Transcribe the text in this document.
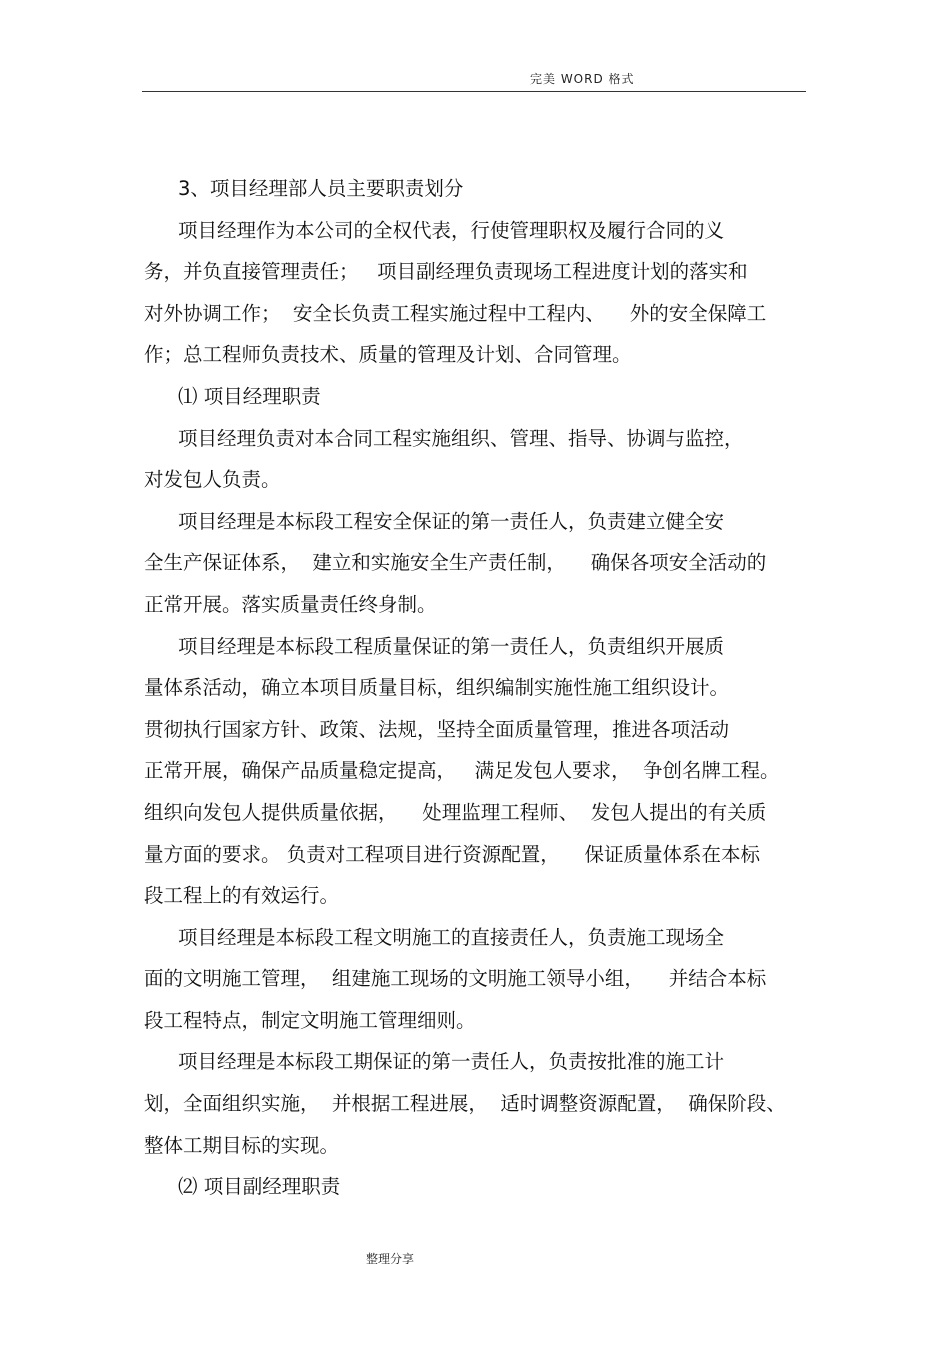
完美 WORD 格式
3、项目经理部人员主要职责划分
项目经理作为本公司的全权代表，行使管理职权及履行合同的义
务，并负直接管理责任；   项目副经理负责现场工程进度计划的落实和
对外协调工作；  安全长负责工程实施过程中工程内、    外的安全保障工
作；总工程师负责技术、质量的管理及计划、合同管理。
⑴ 项目经理职责
项目经理负责对本合同工程实施组织、管理、指导、协调与监控，
对发包人负责。
项目经理是本标段工程安全保证的第一责任人，负责建立健全安
全生产保证体系，  建立和实施安全生产责任制，    确保各项安全活动的
正常开展。落实质量责任终身制。
项目经理是本标段工程质量保证的第一责任人，负责组织开展质
量体系活动，确立本项目质量目标，组织编制实施性施工组织设计。
贯彻执行国家方针、政策、法规，坚持全面质量管理，推进各项活动
正常开展，确保产品质量稳定提高，   满足发包人要求，  争创名牌工程。
组织向发包人提供质量依据，    处理监理工程师、  发包人提出的有关质
量方面的要求。 负责对工程项目进行资源配置，    保证质量体系在本标
段工程上的有效运行。
项目经理是本标段工程文明施工的直接责任人，负责施工现场全
面的文明施工管理，  组建施工现场的文明施工领导小组，    并结合本标
段工程特点，制定文明施工管理细则。
项目经理是本标段工期保证的第一责任人，负责按批准的施工计
划，全面组织实施，  并根据工程进展，  适时调整资源配置，  确保阶段、
整体工期目标的实现。
⑵ 项目副经理职责
整理分享
